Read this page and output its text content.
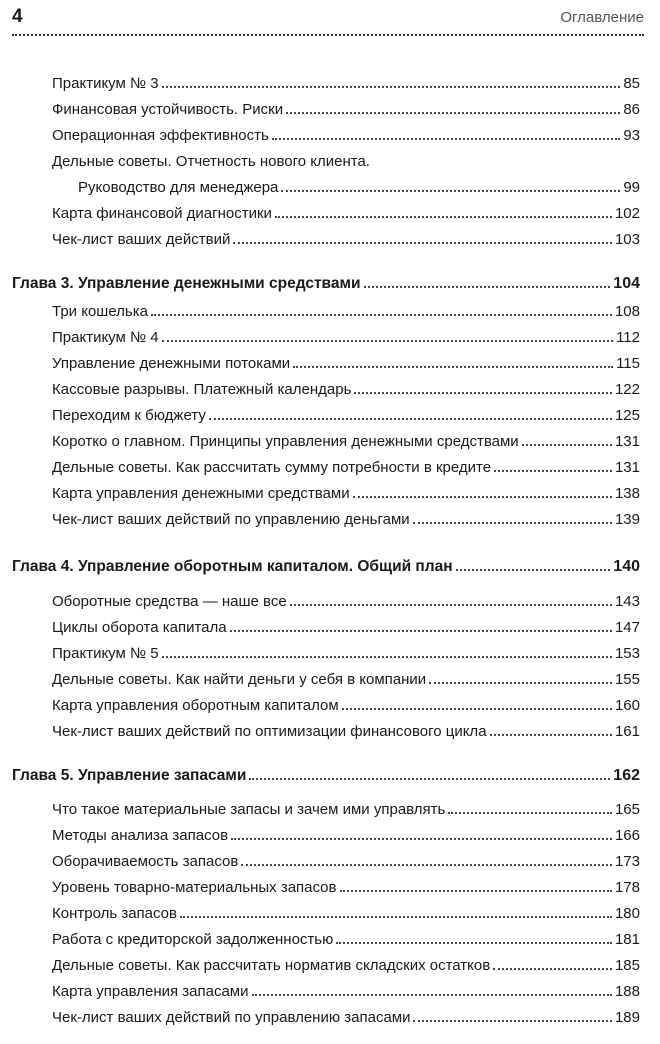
4	Оглавление
Практикум № 3	85
Финансовая устойчивость. Риски	86
Операционная эффективность	93
Дельные советы. Отчетность нового клиента.
Руководство для менеджера	99
Карта финансовой диагностики	102
Чек-лист ваших действий	103
Глава 3. Управление денежными средствами	104
Три кошелька	108
Практикум № 4	112
Управление денежными потоками	115
Кассовые разрывы. Платежный календарь	122
Переходим к бюджету	125
Коротко о главном. Принципы управления денежными средствами	131
Дельные советы. Как рассчитать сумму потребности в кредите	131
Карта управления денежными средствами	138
Чек-лист ваших действий по управлению деньгами	139
Глава 4. Управление оборотным капиталом. Общий план	140
Оборотные средства — наше все	143
Циклы оборота капитала	147
Практикум № 5	153
Дельные советы. Как найти деньги у себя в компании	155
Карта управления оборотным капиталом	160
Чек-лист ваших действий по оптимизации финансового цикла	161
Глава 5. Управление запасами	162
Что такое материальные запасы и зачем ими управлять	165
Методы анализа запасов	166
Оборачиваемость запасов	173
Уровень товарно-материальных запасов	178
Контроль запасов	180
Работа с кредиторской задолженностью	181
Дельные советы. Как рассчитать норматив складских остатков	185
Карта управления запасами	188
Чек-лист ваших действий по управлению запасами	189
